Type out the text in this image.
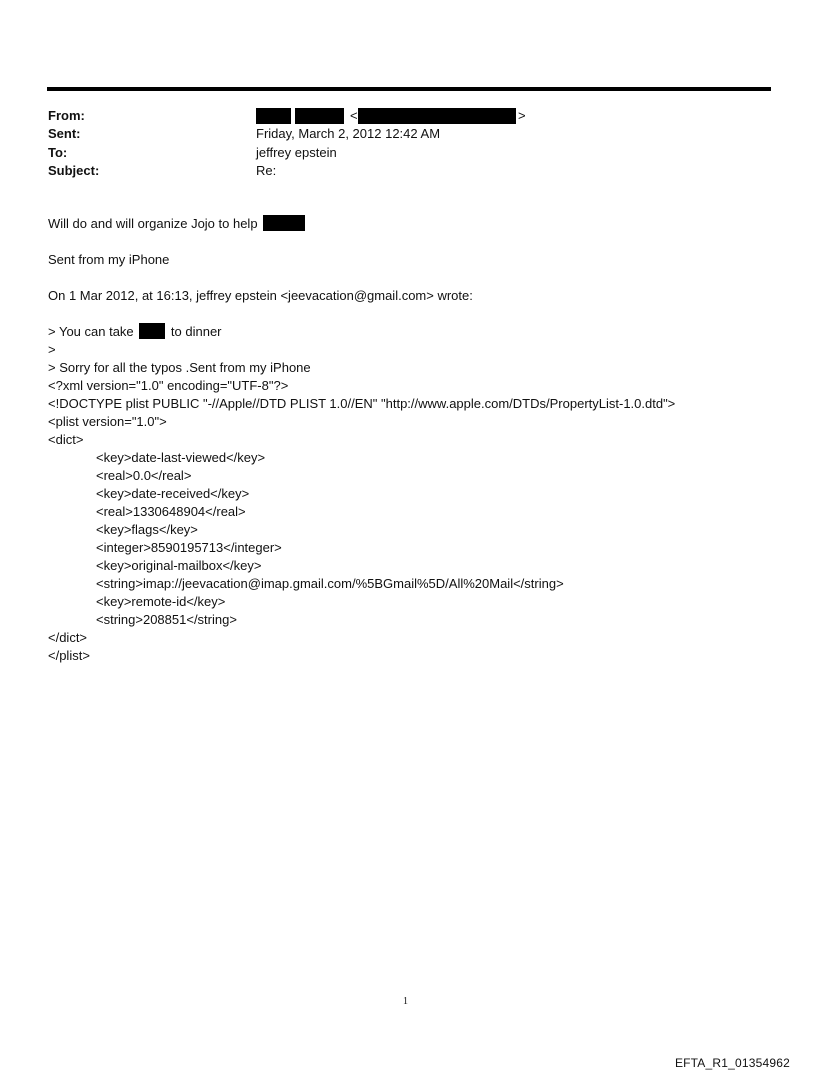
From:	<	>
Sent:	Friday, March 2, 2012 12:42 AM
To:	jeffrey epstein
Subject:	Re:
Will do and will organize Jojo to help
Sent from my iPhone
On 1 Mar 2012, at 16:13, jeffrey epstein <jeevacation@gmail.com> wrote:
> You can take	to dinner
>
> Sorry for all the typos .Sent from my iPhone
<?xml version="1.0" encoding="UTF-8"?>
<!DOCTYPE plist PUBLIC "-//Apple//DTD PLIST 1.0//EN" "http://www.apple.com/DTDs/PropertyList-1.0.dtd">
<plist version="1.0">
<dict>
<key>date-last-viewed</key>
<real>0.0</real>
<key>date-received</key>
<real>1330648904</real>
<key>flags</key>
<integer>8590195713</integer>
<key>original-mailbox</key>
<string>imap://jeevacation@imap.gmail.com/%5BGmail%5D/All%20Mail</string>
<key>remote-id</key>
<string>208851</string>
</dict>
</plist>
1
EFTA_R1_01354962
